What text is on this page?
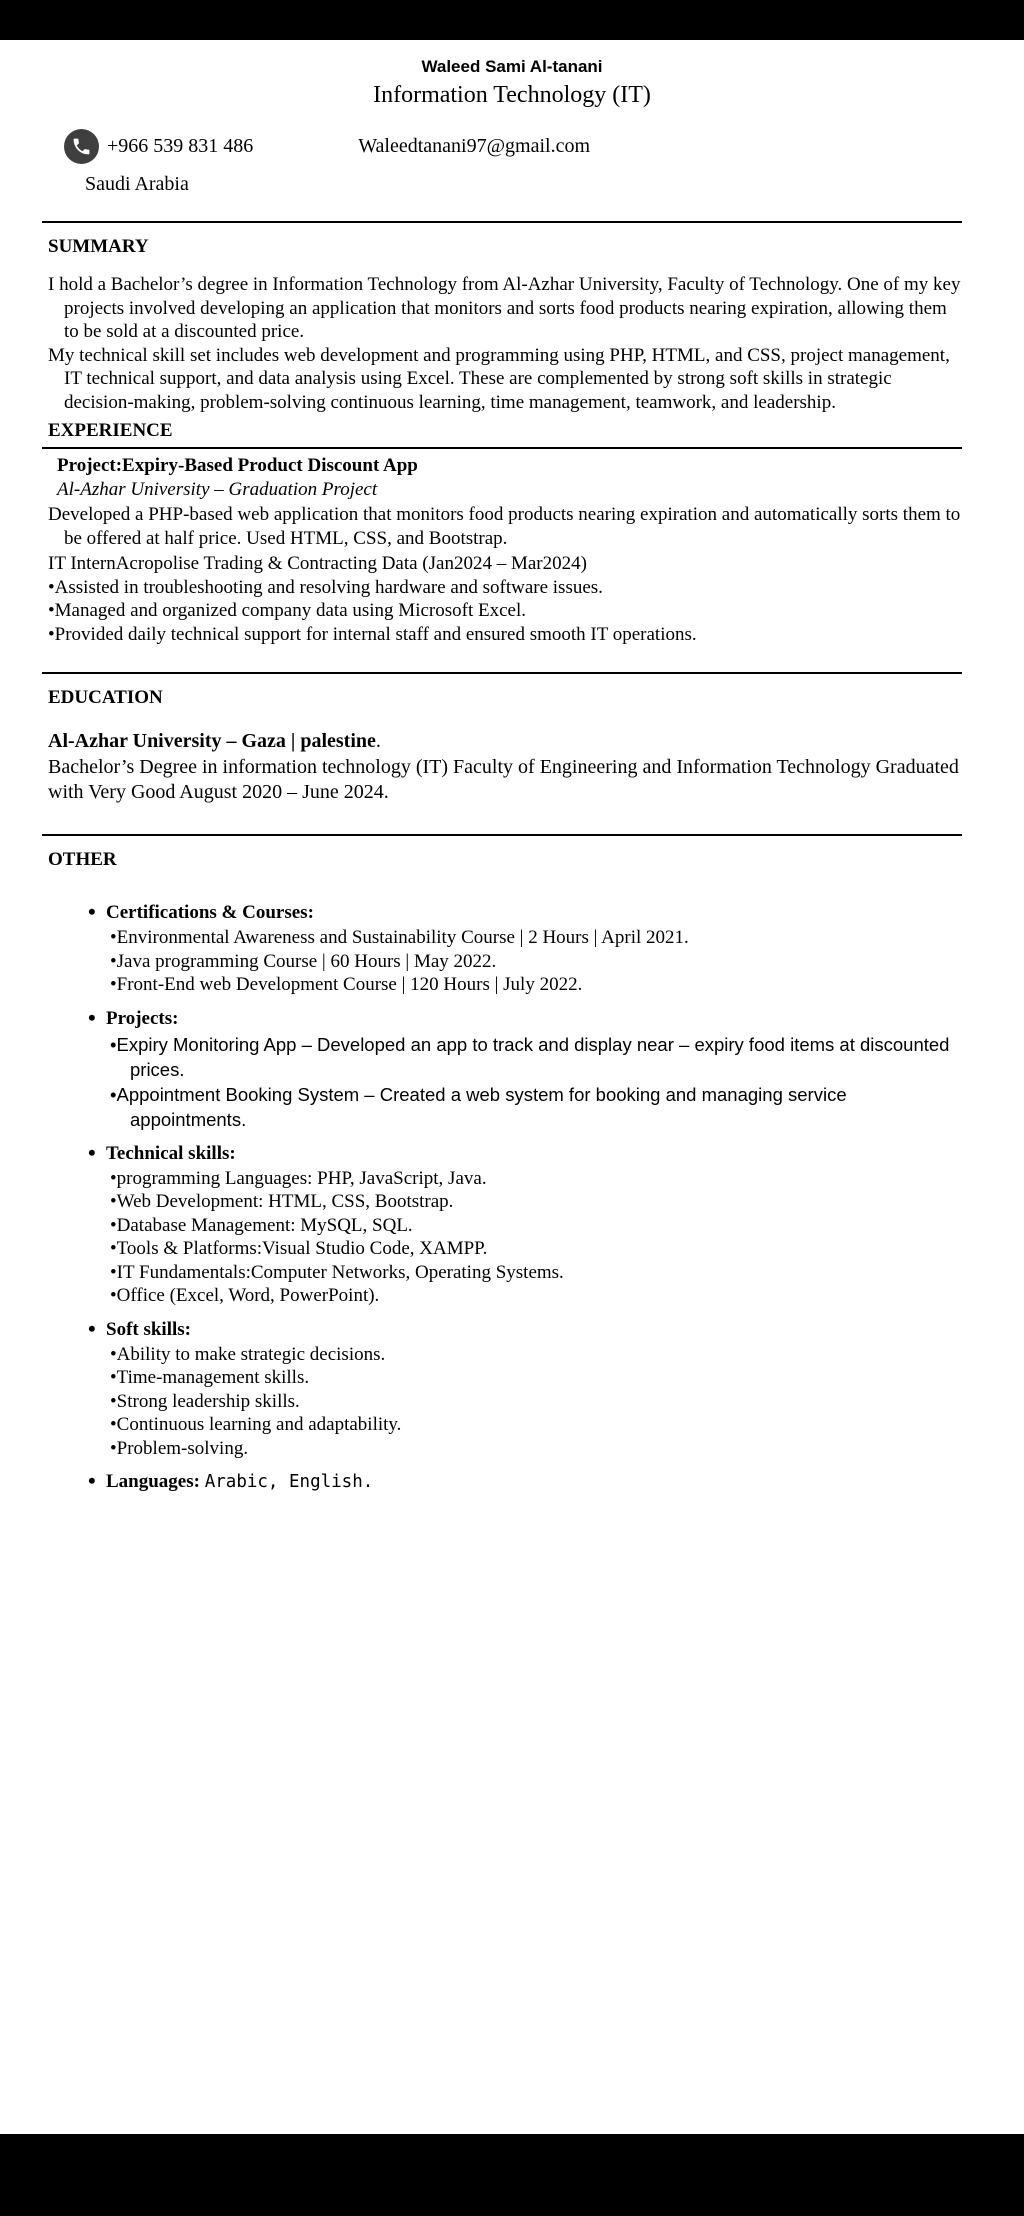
Waleed Sami Al-tanani
Information Technology (IT)
+966 539 831 486	Waleedtanani97@gmail.com
Saudi Arabia
SUMMARY

I hold a Bachelor’s degree in Information Technology from Al-Azhar University, Faculty of Technology. One of my key projects involved developing an application that monitors and sorts food products nearing expiration, allowing them to be sold at a discounted price.

My technical skill set includes web development and programming using PHP, HTML, and CSS, project management, IT technical support, and data analysis using Excel. These are complemented by strong soft skills in strategic decision-making, problem-solving continuous learning, time management, teamwork, and leadership.

EXPERIENCE

Project:Expiry-Based Product Discount App

Al-Azhar University – Graduation Project

Developed a PHP-based web application that monitors food products nearing expiration and automatically sorts them to be offered at half price. Used HTML, CSS, and Bootstrap.

IT InternAcropolise Trading & Contracting Data (Jan2024 – Mar2024)

• Assisted in troubleshooting and resolving hardware and software issues.

• Managed and organized company data using Microsoft Excel.

• Provided daily technical support for internal staff and ensured smooth IT operations.

EDUCATION

Al-Azhar University – Gaza | palestine.

Bachelor’s Degree in information technology (IT) Faculty of Engineering and Information Technology Graduated with Very Good August 2020 – June 2024.

OTHER
• Certifications & Courses:

• Environmental Awareness and Sustainability Course | 2 Hours | April 2021.

• Java programming Course | 60 Hours | May 2022.

• Front-End web Development Course | 120 Hours | July 2022.

• Projects:

• Expiry Monitoring App – Developed an app to track and display near – expiry food items at discounted prices.

• Appointment Booking System – Created a web system for booking and managing service appointments.

• Technical skills:

• programming Languages: PHP, JavaScript, Java.

• Web Development: HTML, CSS, Bootstrap.

• Database Management: MySQL, SQL.

• Tools & Platforms:Visual Studio Code, XAMPP.

• IT Fundamentals:Computer Networks, Operating Systems.

• Office (Excel, Word, PowerPoint).

• Soft skills:

• Ability to make strategic decisions.

• Time-management skills.

• Strong leadership skills.

• Continuous learning and adaptability.

• Problem-solving.

• Languages: Arabic, English.
